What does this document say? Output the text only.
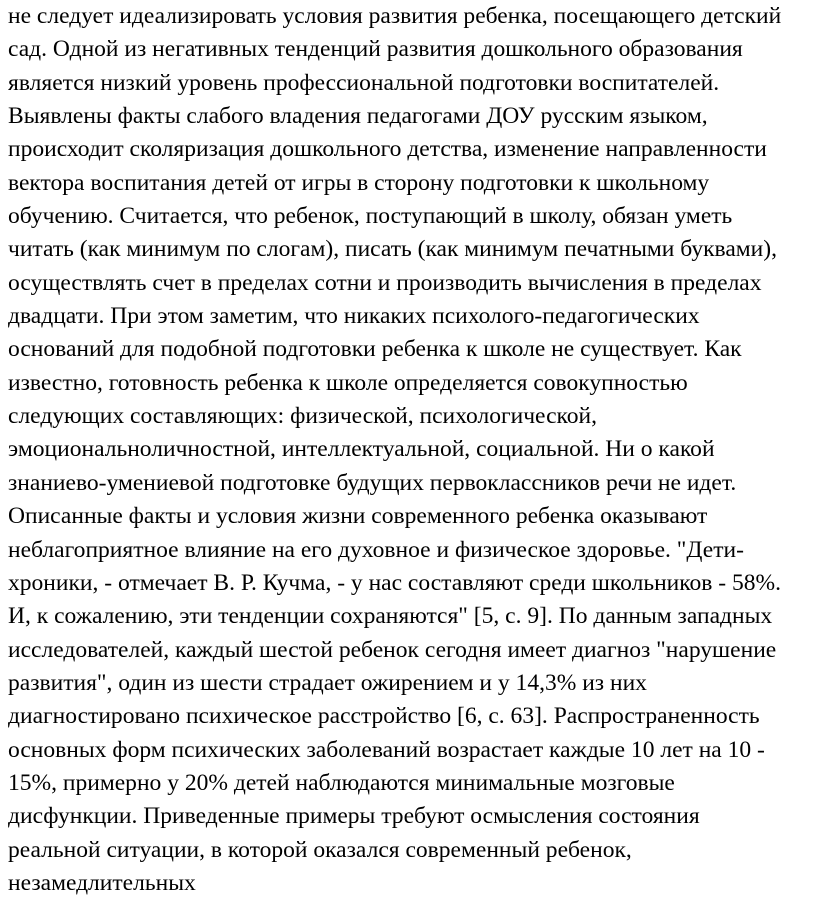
не следует идеализировать условия развития ребенка, посещающего детский
сад. Одной из негативных тенденций развития дошкольного образования
является низкий уровень профессиональной подготовки воспитателей.
Выявлены факты слабого владения педагогами ДОУ русским языком,
происходит сколяризация дошкольного детства, изменение направленности
вектора воспитания детей от игры в сторону подготовки к школьному
обучению. Считается, что ребенок, поступающий в школу, обязан уметь
читать (как минимум по слогам), писать (как минимум печатными буквами),
осуществлять счет в пределах сотни и производить вычисления в пределах
двадцати. При этом заметим, что никаких психолого-педагогических
оснований для подобной подготовки ребенка к школе не существует. Как
известно, готовность ребенка к школе определяется совокупностью
следующих составляющих: физической, психологической,
эмоциональноличностной, интеллектуальной, социальной. Ни о какой
знаниево-умениевой подготовке будущих первоклассников речи не идет.
Описанные факты и условия жизни современного ребенка оказывают
неблагоприятное влияние на его духовное и физическое здоровье. "Дети-
хроники, - отмечает В. Р. Кучма, - у нас составляют среди школьников - 58%.
И, к сожалению, эти тенденции сохраняются" [5, с. 9]. По данным западных
исследователей, каждый шестой ребенок сегодня имеет диагноз "нарушение
развития", один из шести страдает ожирением и у 14,3% из них
диагностировано психическое расстройство [6, с. 63]. Распространенность
основных форм психических заболеваний возрастает каждые 10 лет на 10 -
15%, примерно у 20% детей наблюдаются минимальные мозговые
дисфункции. Приведенные примеры требуют осмысления состояния
реальной ситуации, в которой оказался современный ребенок,
незамедлительных
